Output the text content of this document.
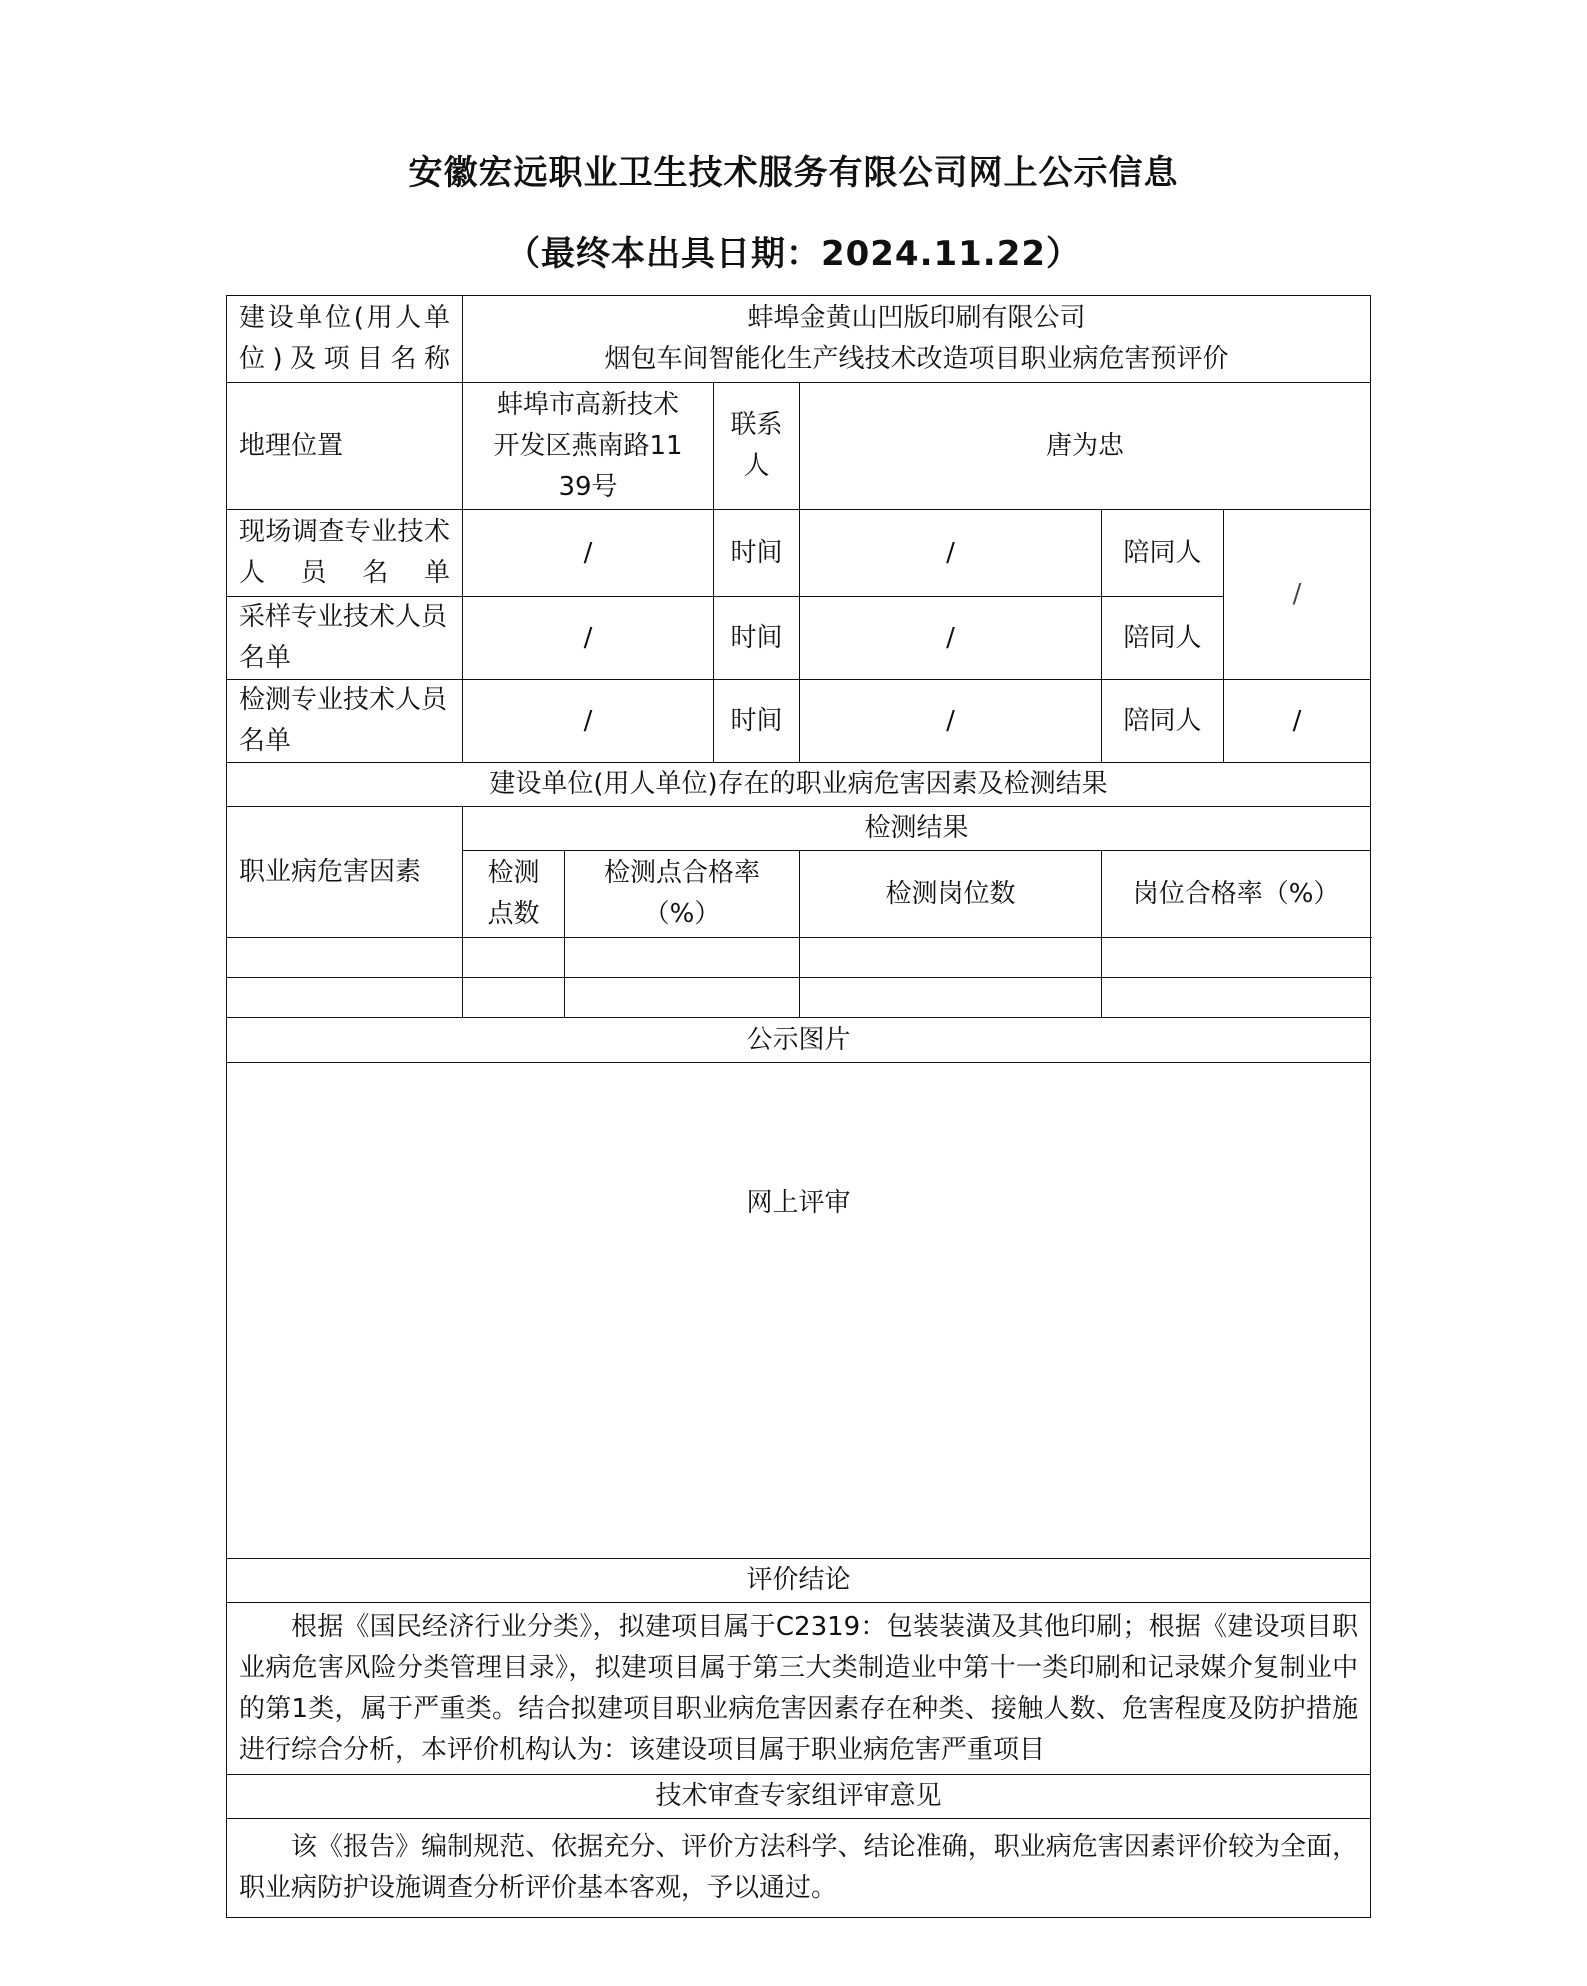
安徽宏远职业卫生技术服务有限公司网上公示信息
（最终本出具日期：2024.11.22）
建设单位(用人单位)及项目名称	蚌埠金黄山凹版印刷有限公司
烟包车间智能化生产线技术改造项目职业病危害预评价					

地理位置	蚌埠市高新技术开发区燕南路1139号		联系人	唐为忠		
现场调查专业技术人员名单	/		时间	/	陪同人	/
采样专业技术人员名单	/		时间	/	陪同人	
检测专业技术人员名单	/		时间	/	陪同人	/
建设单位(用人单位)存在的职业病危害因素及检测结果						
职业病危害因素	检测结果					
	检测点数	检测点合格率（%）		检测岗位数	岗位合格率（%）	

公示图片						
网上评审						
评价结论						
根据《国民经济行业分类》，拟建项目属于C2319：包装装潢及其他印刷；根据《建设项目职业病危害风险分类管理目录》，拟建项目属于第三大类制造业中第十一类印刷和记录媒介复制业中的第1类，属于严重类。结合拟建项目职业病危害因素存在种类、接触人数、危害程度及防护措施进行综合分析，本评价机构认为：该建设项目属于职业病危害严重项目						
技术审查专家组评审意见						
该《报告》编制规范、依据充分、评价方法科学、结论准确，职业病危害因素评价较为全面，职业病防护设施调查分析评价基本客观，予以通过。						
